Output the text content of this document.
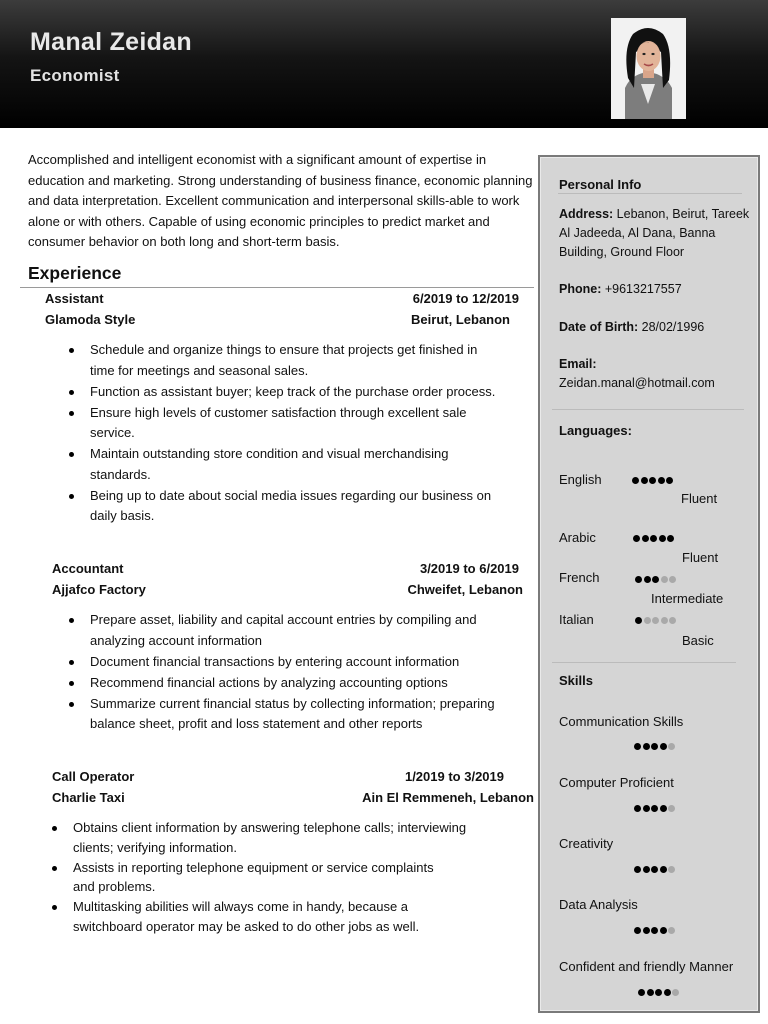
Manal Zeidan
Economist

Accomplished and intelligent economist with a significant amount of expertise in education and marketing. Strong understanding of business finance, economic planning and data interpretation. Excellent communication and interpersonal skills-able to work alone or with others. Capable of using economic principles to predict market and consumer behavior on both long and short-term basis.

Experience
Assistant	6/2019 to 12/2019
Glamoda Style	Beirut, Lebanon
Schedule and organize things to ensure that projects get finished in time for meetings and seasonal sales.
Function as assistant buyer; keep track of the purchase order process.
Ensure high levels of customer satisfaction through excellent sale service.
Maintain outstanding store condition and visual merchandising standards.
Being up to date about social media issues regarding our business on daily basis.
Accountant	3/2019 to 6/2019
Ajjafco Factory	Chweifet, Lebanon
Prepare asset, liability and capital account entries by compiling and analyzing account information
Document financial transactions by entering account information
Recommend financial actions by analyzing accounting options
Summarize current financial status by collecting information; preparing balance sheet, profit and loss statement and other reports
Call Operator	1/2019 to 3/2019
Charlie Taxi	Ain El Remmeneh, Lebanon
Obtains client information by answering telephone calls; interviewing clients; verifying information.
Assists in reporting telephone equipment or service complaints and problems.
Multitasking abilities will always come in handy, because a switchboard operator may be asked to do other jobs as well.
Personal Info
Address: Lebanon, Beirut, Tareek Al Jadeeda, Al Dana, Banna Building, Ground Floor
Phone: +9613217557
Date of Birth: 28/02/1996
Email:
Zeidan.manal@hotmail.com
Languages:
English
Fluent
Arabic
Fluent
French
Intermediate
Italian
Basic
Skills
Communication Skills
Computer Proficient
Creativity
Data Analysis
Confident and friendly Manner
